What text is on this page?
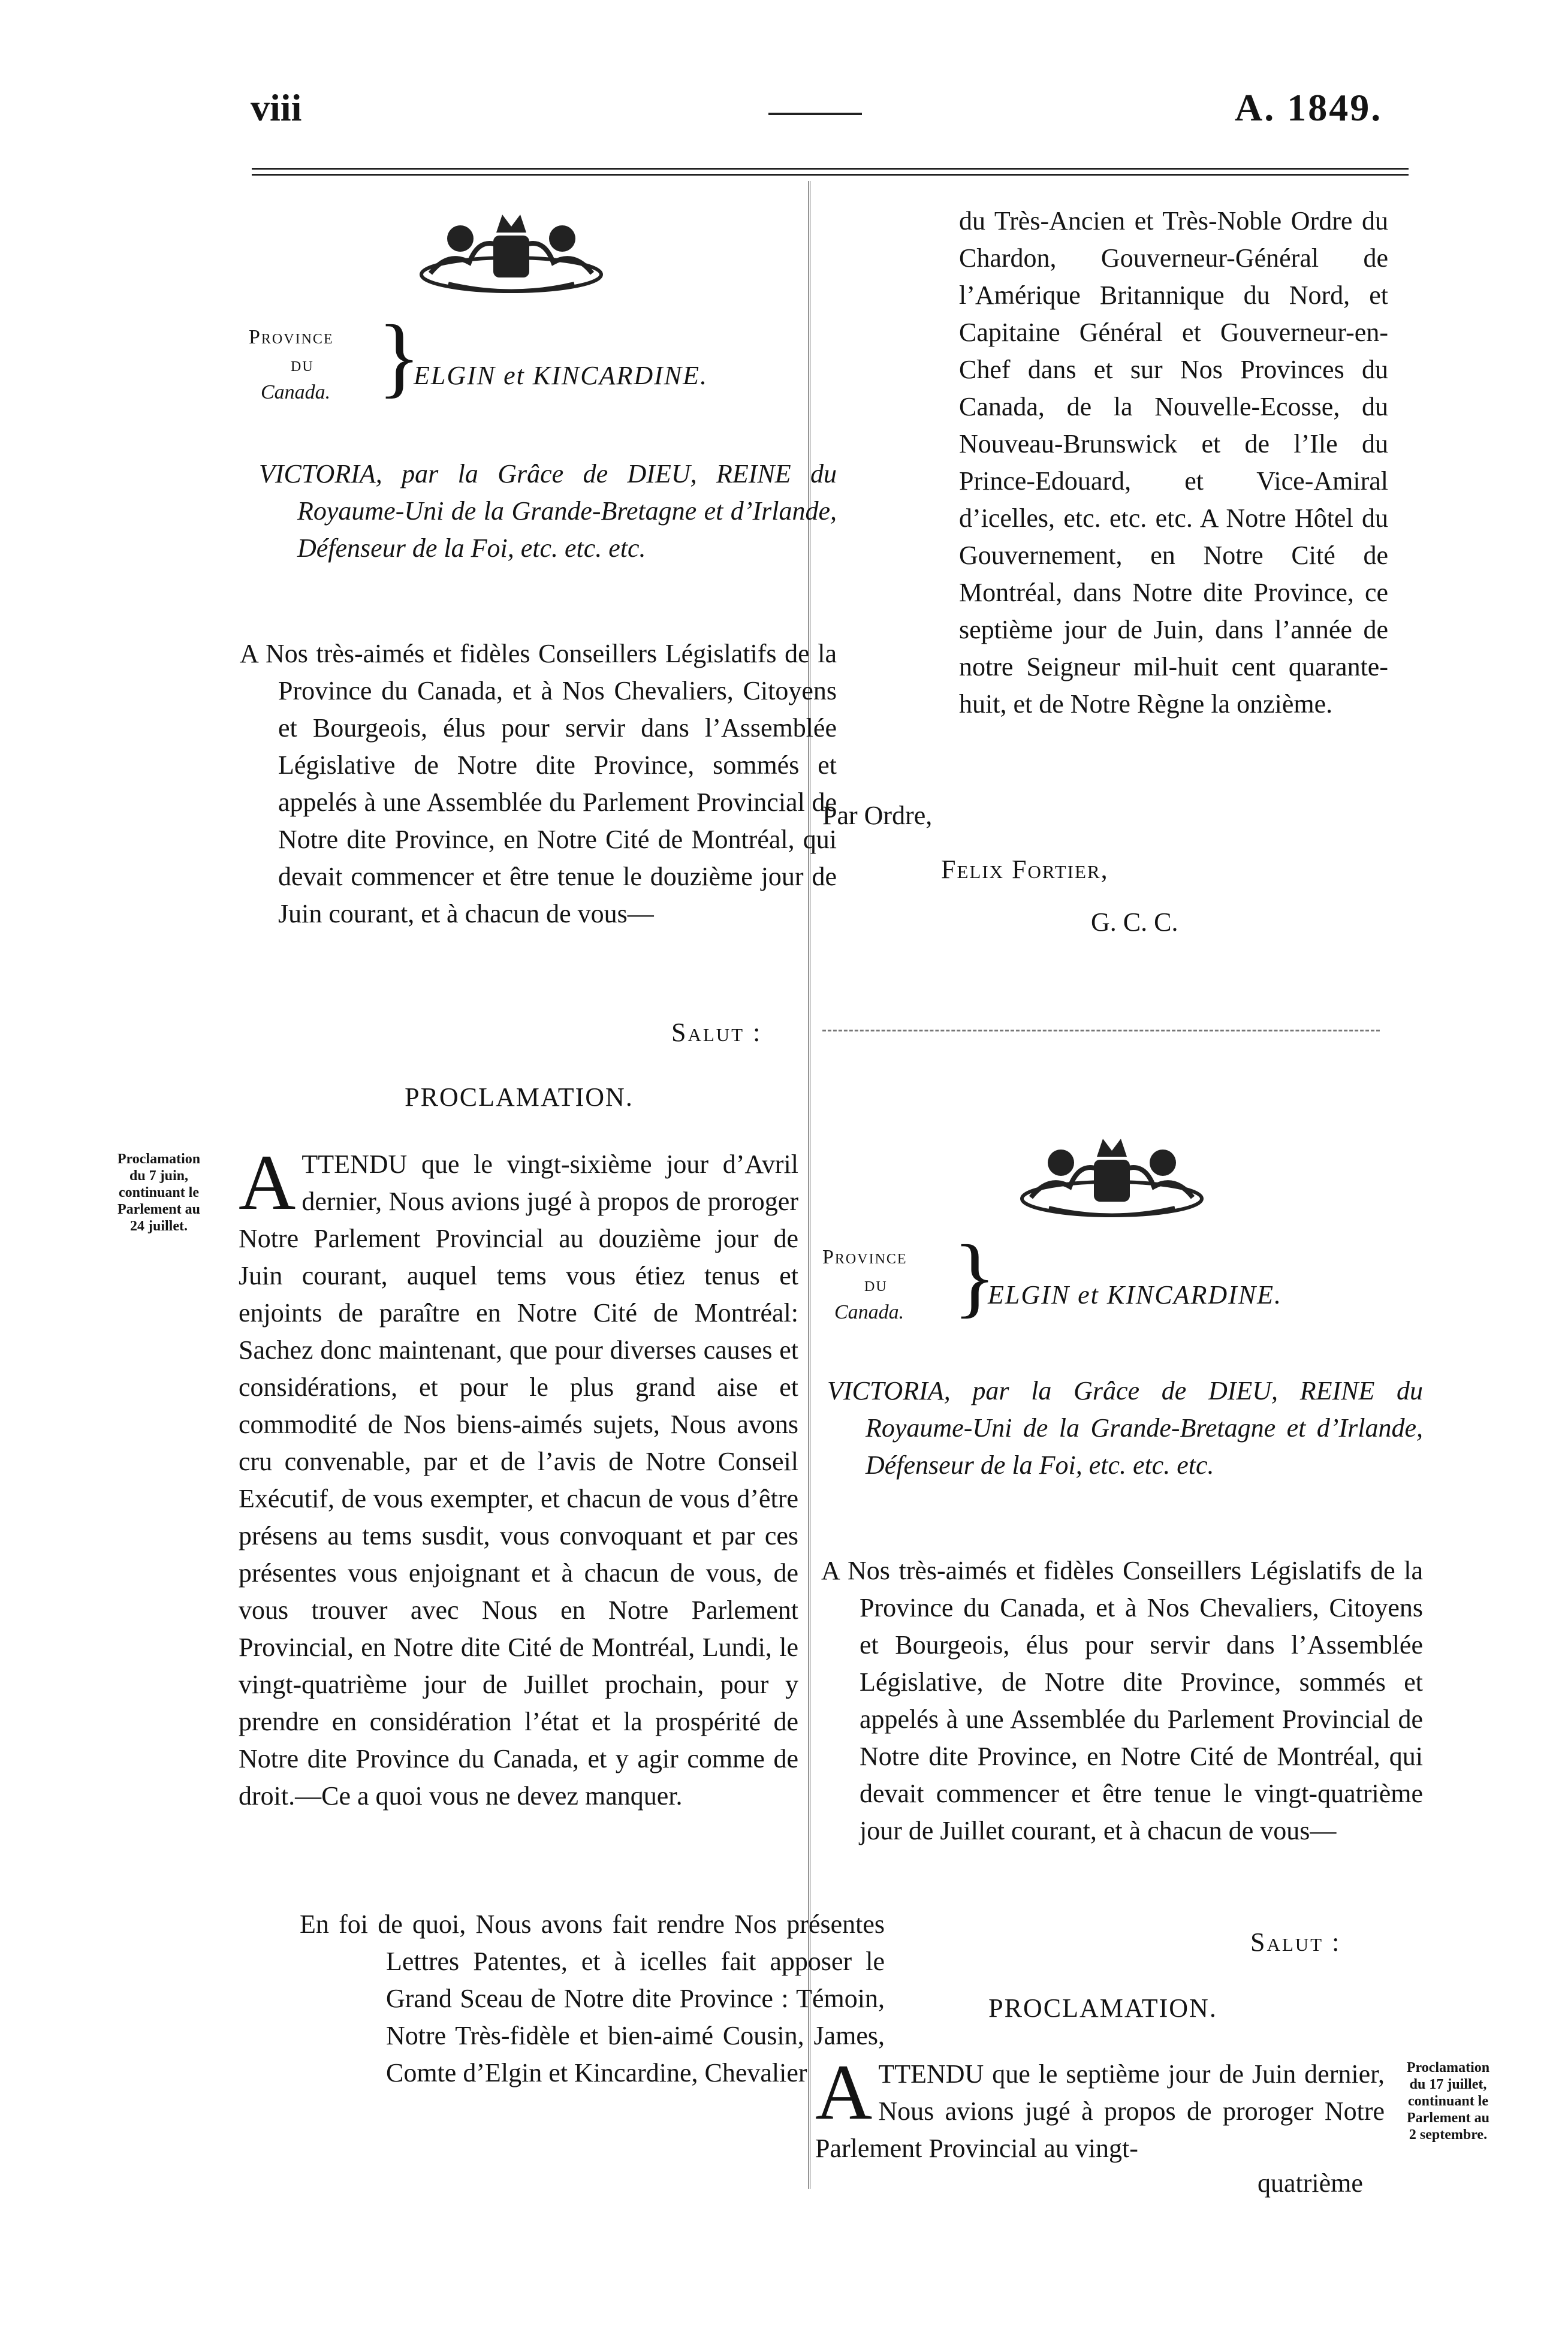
viii	A. 1849.
Province
du
Canada. }
ELGIN et KINCARDINE.
VICTORIA, par la Grâce de DIEU, REINE du Royaume-Uni de la Grande-Bretagne et d’Irlande, Défenseur de la Foi, etc. etc. etc.
A Nos très-aimés et fidèles Conseillers Législatifs de la Province du Canada, et à Nos Chevaliers, Citoyens et Bourgeois, élus pour servir dans l’Assemblée Législative de Notre dite Province, sommés et appelés à une Assemblée du Parlement Provincial de Notre dite Province, en Notre Cité de Montréal, qui devait commencer et être tenue le douzième jour de Juin courant, et à chacun de vous—
Salut :
PROCLAMATION.
Proclamation
du 7 juin,
continuant le
Parlement au
24 juillet. ATTENDU que le vingt-sixième jour d’Avril dernier, Nous avions jugé à propos de proroger Notre Parlement Provincial au douzième jour de Juin courant, auquel tems vous étiez tenus et enjoints de paraître en Notre Cité de Montréal: Sachez donc maintenant, que pour diverses causes et considérations, et pour le plus grand aise et commodité de Nos biens-aimés sujets, Nous avons cru convenable, par et de l’avis de Notre Conseil Exécutif, de vous exempter, et chacun de vous d’être présens au tems susdit, vous convoquant et par ces présentes vous enjoignant et à chacun de vous, de vous trouver avec Nous en Notre Parlement Provincial, en Notre dite Cité de Montréal, Lundi, le vingt-quatrième jour de Juillet prochain, pour y prendre en considération l’état et la prospérité de Notre dite Province du Canada, et y agir comme de droit.—Ce a quoi vous ne devez manquer.
En foi de quoi, Nous avons fait rendre Nos présentes Lettres Patentes, et à icelles fait apposer le Grand Sceau de Notre dite Province : Témoin, Notre Très-fidèle et bien-aimé Cousin, James, Comte d’Elgin et Kincardine, Chevalier
du Très-Ancien et Très-Noble Ordre du Chardon, Gouverneur-Général de l’Amérique Britannique du Nord, et Capitaine Général et Gouverneur-en-Chef dans et sur Nos Provinces du Canada, de la Nouvelle-Ecosse, du Nouveau-Brunswick et de l’Ile du Prince-Edouard, et Vice-Amiral d’icelles, etc. etc. etc. A Notre Hôtel du Gouvernement, en Notre Cité de Montréal, dans Notre dite Province, ce septième jour de Juin, dans l’année de notre Seigneur mil-huit cent quarante-huit, et de Notre Règne la onzième.
Par Ordre,
Felix Fortier,
G. C. C.
Province
du
Canada. }
ELGIN et KINCARDINE.
VICTORIA, par la Grâce de DIEU, REINE du Royaume-Uni de la Grande-Bretagne et d’Irlande, Défenseur de la Foi, etc. etc. etc.
A Nos très-aimés et fidèles Conseillers Législatifs de la Province du Canada, et à Nos Chevaliers, Citoyens et Bourgeois, élus pour servir dans l’Assemblée Législative, de Notre dite Province, sommés et appelés à une Assemblée du Parlement Provincial de Notre dite Province, en Notre Cité de Montréal, qui devait commencer et être tenue le vingt-quatrième jour de Juillet courant, et à chacun de vous—
Salut :
PROCLAMATION.
ATTENDU que le septième jour de Juin dernier, Nous avions jugé à propos de proroger Notre Parlement Provincial au vingt-
quatrième
Proclamation
du 17 juillet,
continuant le
Parlement au
2 septembre.
